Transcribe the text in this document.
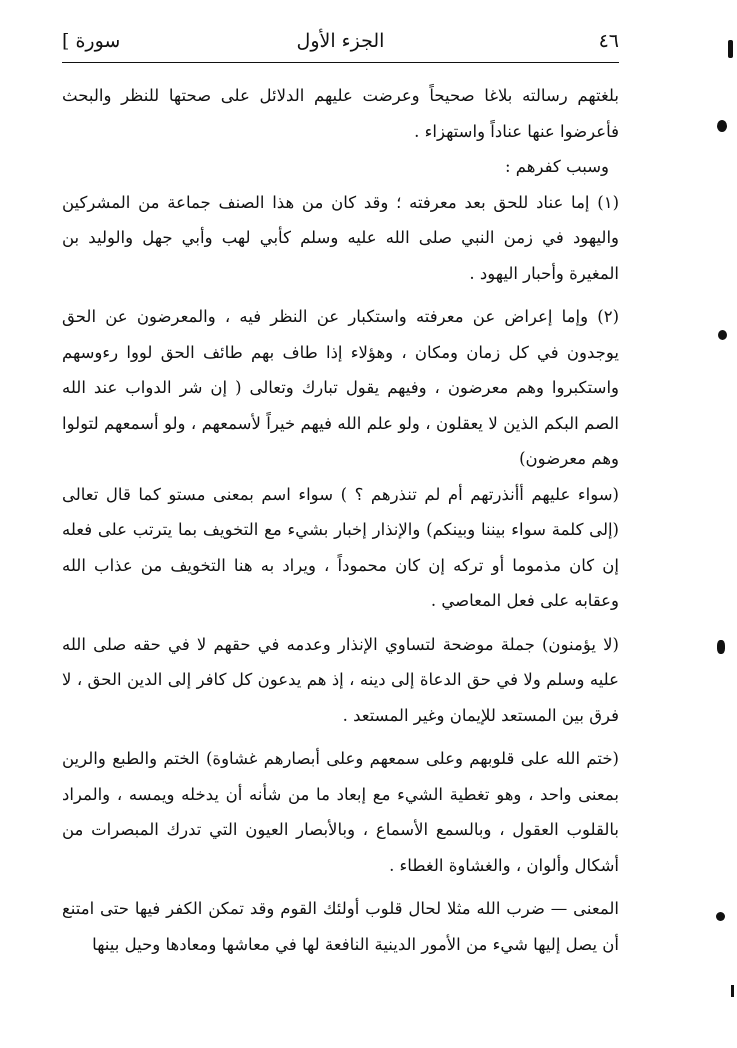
٤٦
الجزء الأول
[ سورة

بلغتهم رسالته بلاغا صحيحاً وعرضت عليهم الدلائل على صحتها للنظر والبحث فأعرضوا عنها عناداً واستهزاء .

وسبب كفرهم :

(١) إما عناد للحق بعد معرفته ؛ وقد كان من هذا الصنف جماعة من المشركين واليهود في زمن النبي صلى الله عليه وسلم كأبي لهب وأبي جهل والوليد بن المغيرة وأحبار اليهود .

(٢) وإما إعراض عن معرفته واستكبار عن النظر فيه ، والمعرضون عن الحق يوجدون في كل زمان ومكان ، وهؤلاء إذا طاف بهم طائف الحق لووا رءوسهم واستكبروا وهم معرضون ، وفيهم يقول تبارك وتعالى ( إن شر الدواب عند الله الصم البكم الذين لا يعقلون ، ولو علم الله فيهم خيراً لأسمعهم ، ولو أسمعهم لتولوا وهم معرضون)

(سواء عليهم أأنذرتهم أم لم تنذرهم ؟ ) سواء اسم بمعنى مستو كما قال تعالى (إلى كلمة سواء بيننا وبينكم) والإنذار إخبار بشيء مع التخويف بما يترتب على فعله إن كان مذموما أو تركه إن كان محموداً ، ويراد به هنا التخويف من عذاب الله وعقابه على فعل المعاصي .

(لا يؤمنون) جملة موضحة لتساوي الإنذار وعدمه في حقهم لا في حقه صلى الله عليه وسلم ولا في حق الدعاة إلى دينه ، إذ هم يدعون كل كافر إلى الدين الحق ، لا فرق بين المستعد للإيمان وغير المستعد .

(ختم الله على قلوبهم وعلى سمعهم وعلى أبصارهم غشاوة) الختم والطبع والرين بمعنى واحد ، وهو تغطية الشيء مع إبعاد ما من شأنه أن يدخله ويمسه ، والمراد بالقلوب العقول ، وبالسمع الأسماع ، وبالأبصار العيون التي تدرك المبصرات من أشكال وألوان ، والغشاوة الغطاء .

المعنى — ضرب الله مثلا لحال قلوب أولئك القوم وقد تمكن الكفر فيها حتى امتنع أن يصل إليها شيء من الأمور الدينية النافعة لها في معاشها ومعادها وحيل بينها
